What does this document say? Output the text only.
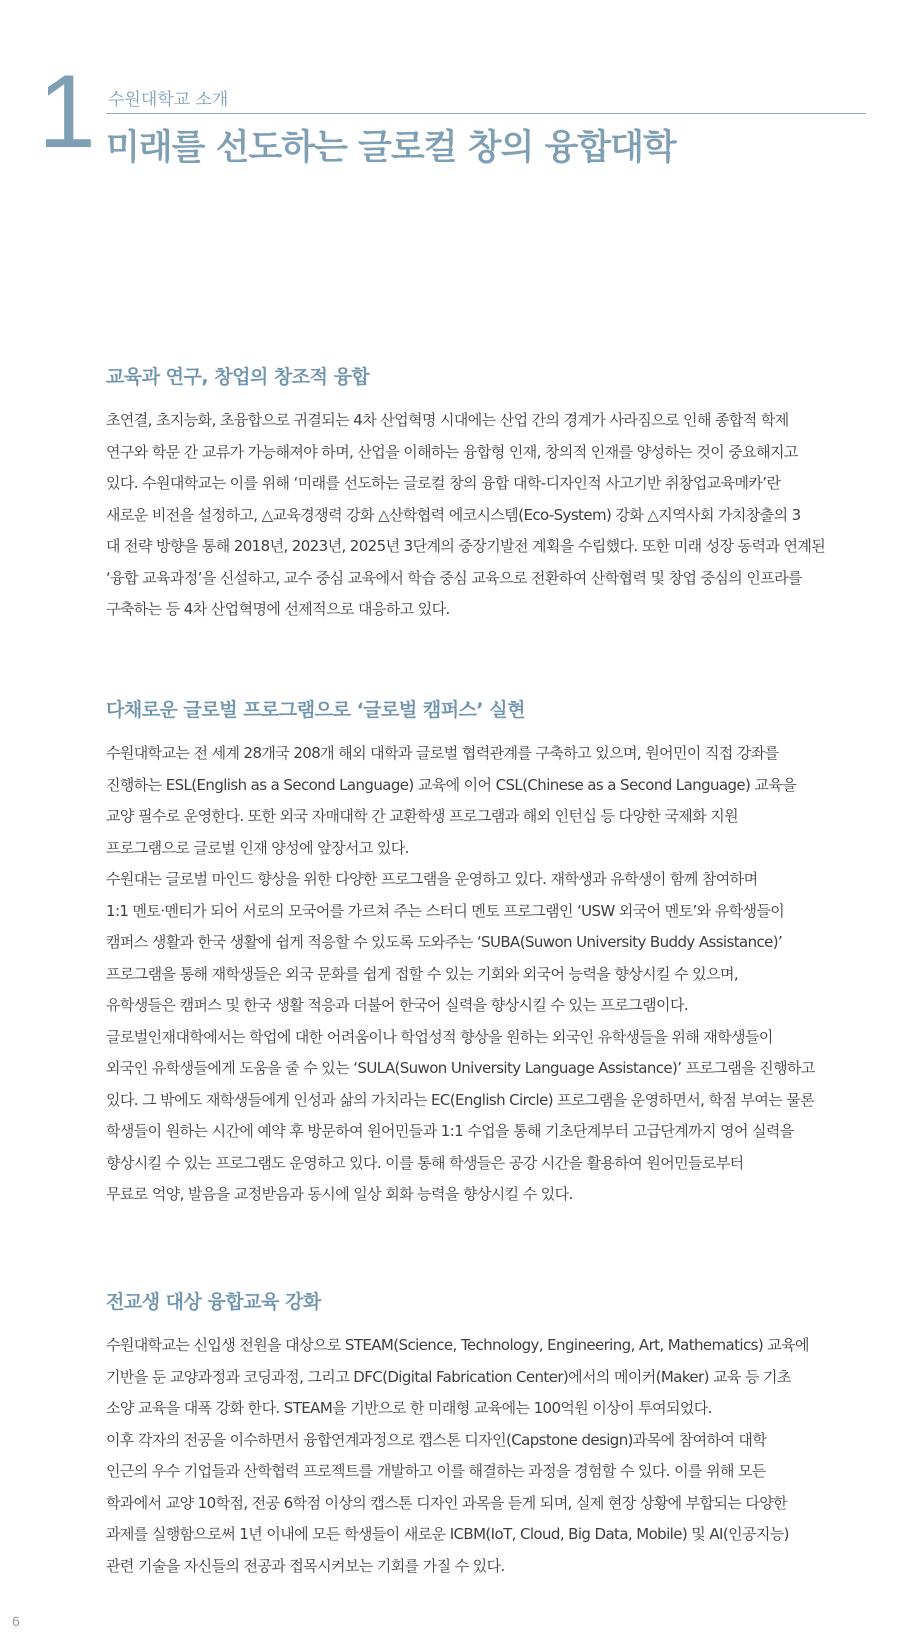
1 수원대학교 소개
미래를 선도하는 글로컬 창의 융합대학
교육과 연구, 창업의 창조적 융합
초연결, 초지능화, 초융합으로 귀결되는 4차 산업혁명 시대에는 산업 간의 경계가 사라짐으로 인해 종합적 학제
연구와 학문 간 교류가 가능해져야 하며, 산업을 이해하는 융합형 인재, 창의적 인재를 양성하는 것이 중요해지고
있다. 수원대학교는 이를 위해 ‘미래를 선도하는 글로컬 창의 융합 대학-디자인적 사고기반 취창업교육메카’란
새로운 비전을 설정하고, △교육경쟁력 강화 △산학협력 에코시스템(Eco-System) 강화 △지역사회 가치창출의 3
대 전략 방향을 통해 2018년, 2023년, 2025년 3단계의 중장기발전 계획을 수립했다. 또한 미래 성장 동력과 연계된
‘융합 교육과정’을 신설하고, 교수 중심 교육에서 학습 중심 교육으로 전환하여 산학협력 및 창업 중심의 인프라를
구축하는 등 4차 산업혁명에 선제적으로 대응하고 있다.
다채로운 글로벌 프로그램으로 ‘글로벌 캠퍼스’ 실현
수원대학교는 전 세계 28개국 208개 해외 대학과 글로벌 협력관계를 구축하고 있으며, 원어민이 직접 강좌를
진행하는 ESL(English as a Second Language) 교육에 이어 CSL(Chinese as a Second Language) 교육을
교양 필수로 운영한다. 또한 외국 자매대학 간 교환학생 프로그램과 해외 인턴십 등 다양한 국제화 지원
프로그램으로 글로벌 인재 양성에 앞장서고 있다.
수원대는 글로벌 마인드 향상을 위한 다양한 프로그램을 운영하고 있다. 재학생과 유학생이 함께 참여하며
1:1 멘토·멘티가 되어 서로의 모국어를 가르쳐 주는 스터디 멘토 프로그램인 ‘USW 외국어 멘토’와 유학생들이
캠퍼스 생활과 한국 생활에 쉽게 적응할 수 있도록 도와주는 ‘SUBA(Suwon University Buddy Assistance)’
프로그램을 통해 재학생들은 외국 문화를 쉽게 접할 수 있는 기회와 외국어 능력을 향상시킬 수 있으며,
유학생들은 캠퍼스 및 한국 생활 적응과 더불어 한국어 실력을 향상시킬 수 있는 프로그램이다.
글로벌인재대학에서는 학업에 대한 어려움이나 학업성적 향상을 원하는 외국인 유학생들을 위해 재학생들이
외국인 유학생들에게 도움을 줄 수 있는 ‘SULA(Suwon University Language Assistance)’ 프로그램을 진행하고
있다. 그 밖에도 재학생들에게 인성과 삶의 가치라는 EC(English Circle) 프로그램을 운영하면서, 학점 부여는 물론
학생들이 원하는 시간에 예약 후 방문하여 원어민들과 1:1 수업을 통해 기초단계부터 고급단계까지 영어 실력을
향상시킬 수 있는 프로그램도 운영하고 있다. 이를 통해 학생들은 공강 시간을 활용하여 원어민들로부터
무료로 억양, 발음을 교정받음과 동시에 일상 회화 능력을 향상시킬 수 있다.
전교생 대상 융합교육 강화
수원대학교는 신입생 전원을 대상으로 STEAM(Science, Technology, Engineering, Art, Mathematics) 교육에
기반을 둔 교양과정과 코딩과정, 그리고 DFC(Digital Fabrication Center)에서의 메이커(Maker) 교육 등 기초
소양 교육을 대폭 강화 한다. STEAM을 기반으로 한 미래형 교육에는 100억원 이상이 투여되었다.
이후 각자의 전공을 이수하면서 융합연계과정으로 캡스톤 디자인(Capstone design)과목에 참여하여 대학
인근의 우수 기업들과 산학협력 프로젝트를 개발하고 이를 해결하는 과정을 경험할 수 있다. 이를 위해 모든
학과에서 교양 10학점, 전공 6학점 이상의 캡스톤 디자인 과목을 듣게 되며, 실제 현장 상황에 부합되는 다양한
과제를 실행함으로써 1년 이내에 모든 학생들이 새로운 ICBM(IoT, Cloud, Big Data, Mobile) 및 AI(인공지능)
관련 기술을 자신들의 전공과 접목시켜보는 기회를 가질 수 있다.
6
